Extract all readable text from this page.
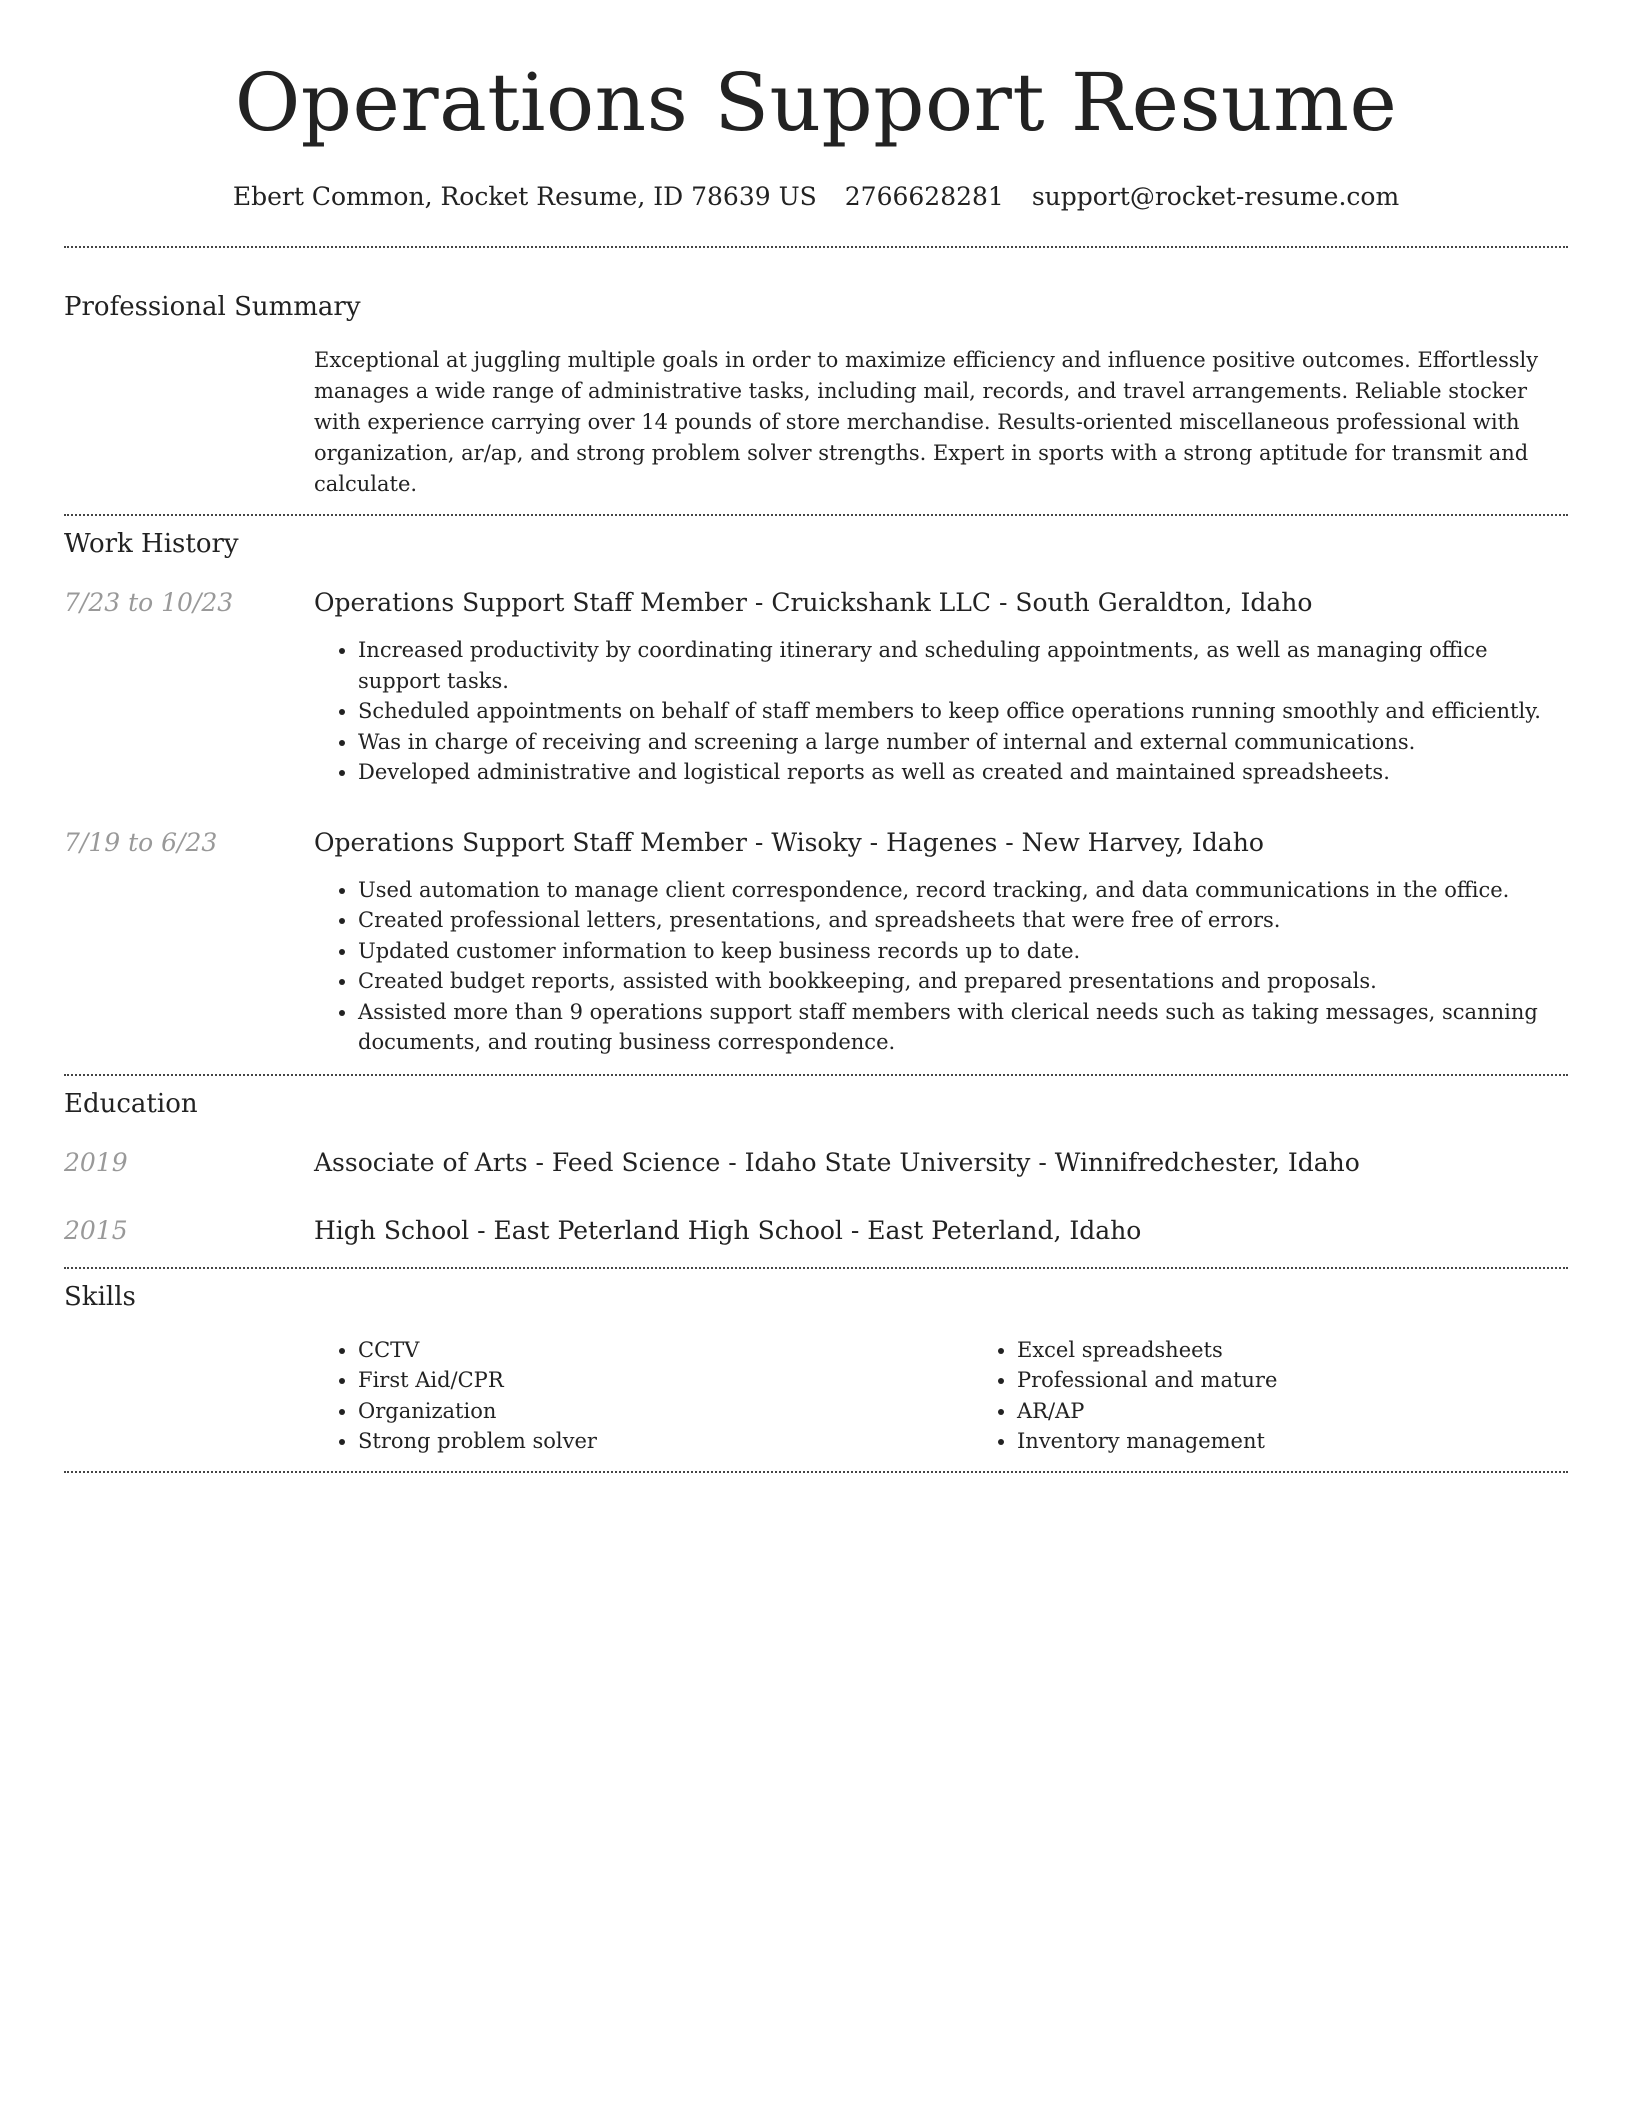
Operations Support Resume
Ebert Common, Rocket Resume, ID 78639 US 2766628281 support@rocket-resume.com
Professional Summary

Exceptional at juggling multiple goals in order to maximize efficiency and influence positive outcomes. Effortlessly manages a wide range of administrative tasks, including mail, records, and travel arrangements. Reliable stocker with experience carrying over 14 pounds of store merchandise. Results-oriented miscellaneous professional with organization, ar/ap, and strong problem solver strengths. Expert in sports with a strong aptitude for transmit and calculate.

Work History
7/23 to 10/23	Operations Support Staff Member - Cruickshank LLC - South Geraldton, Idaho
• Increased productivity by coordinating itinerary and scheduling appointments, as well as managing office support tasks.
• Scheduled appointments on behalf of staff members to keep office operations running smoothly and efficiently.
• Was in charge of receiving and screening a large number of internal and external communications.
• Developed administrative and logistical reports as well as created and maintained spreadsheets.
7/19 to 6/23	Operations Support Staff Member - Wisoky - Hagenes - New Harvey, Idaho
• Used automation to manage client correspondence, record tracking, and data communications in the office.
• Created professional letters, presentations, and spreadsheets that were free of errors.
• Updated customer information to keep business records up to date.
• Created budget reports, assisted with bookkeeping, and prepared presentations and proposals.
• Assisted more than 9 operations support staff members with clerical needs such as taking messages, scanning documents, and routing business correspondence.
Education
2019	Associate of Arts - Feed Science - Idaho State University - Winnifredchester, Idaho
2015	High School - East Peterland High School - East Peterland, Idaho
Skills
• CCTV
• First Aid/CPR
• Organization
• Strong problem solver
• Excel spreadsheets
• Professional and mature
• AR/AP
• Inventory management
